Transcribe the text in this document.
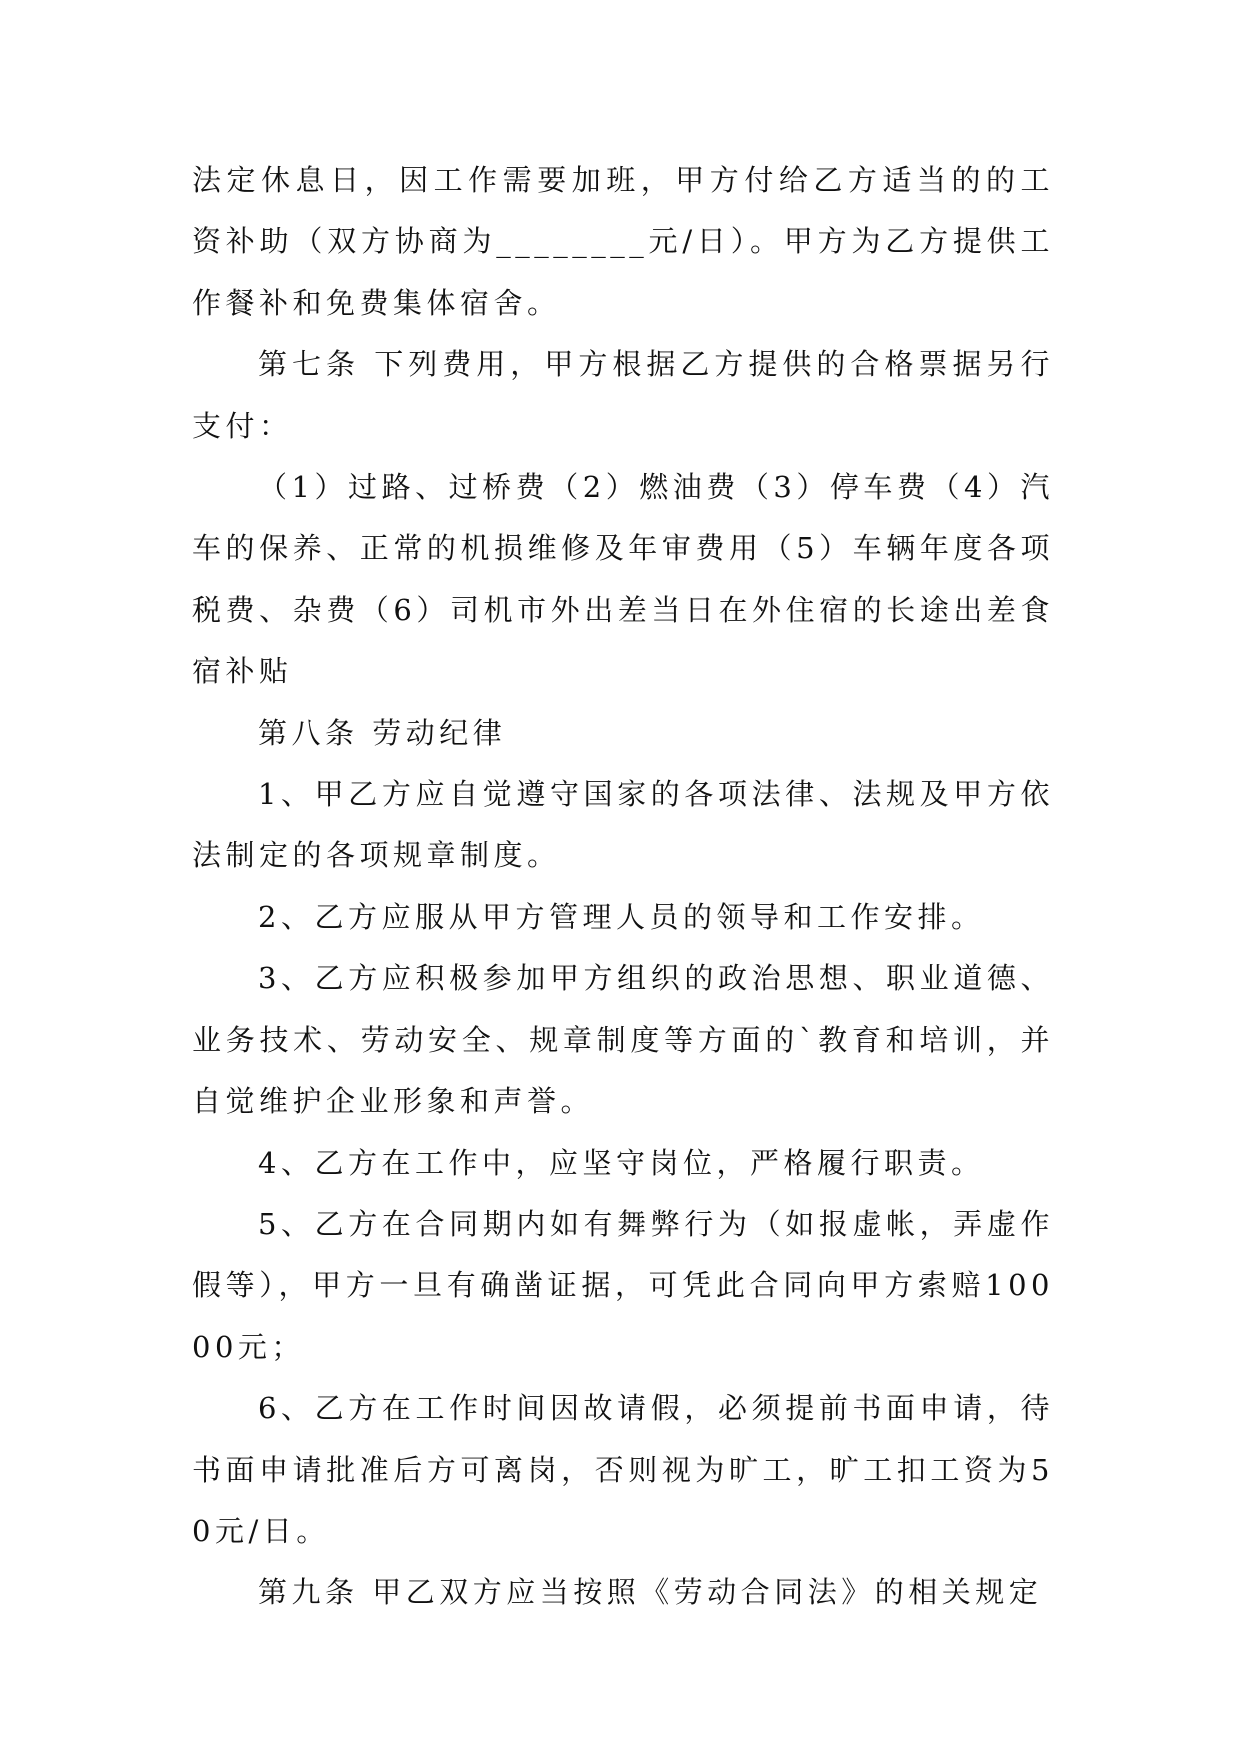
法定休息日，因工作需要加班，甲方付给乙方适当的的工资补助（双方协商为________元/日）。甲方为乙方提供工作餐补和免费集体宿舍。

第七条 下列费用，甲方根据乙方提供的合格票据另行支付：

（1）过路、过桥费（2）燃油费（3）停车费（4）汽车的保养、正常的机损维修及年审费用（5）车辆年度各项税费、杂费（6）司机市外出差当日在外住宿的长途出差食宿补贴

第八条 劳动纪律

1、甲乙方应自觉遵守国家的各项法律、法规及甲方依法制定的各项规章制度。

2、乙方应服从甲方管理人员的领导和工作安排。

3、乙方应积极参加甲方组织的政治思想、职业道德、业务技术、劳动安全、规章制度等方面的`教育和培训，并自觉维护企业形象和声誉。

4、乙方在工作中，应坚守岗位，严格履行职责。

5、乙方在合同期内如有舞弊行为（如报虚帐，弄虚作假等），甲方一旦有确凿证据，可凭此合同向甲方索赔10000元；

6、乙方在工作时间因故请假，必须提前书面申请，待书面申请批准后方可离岗，否则视为旷工，旷工扣工资为50元/日。

第九条 甲乙双方应当按照《劳动合同法》的相关规定
